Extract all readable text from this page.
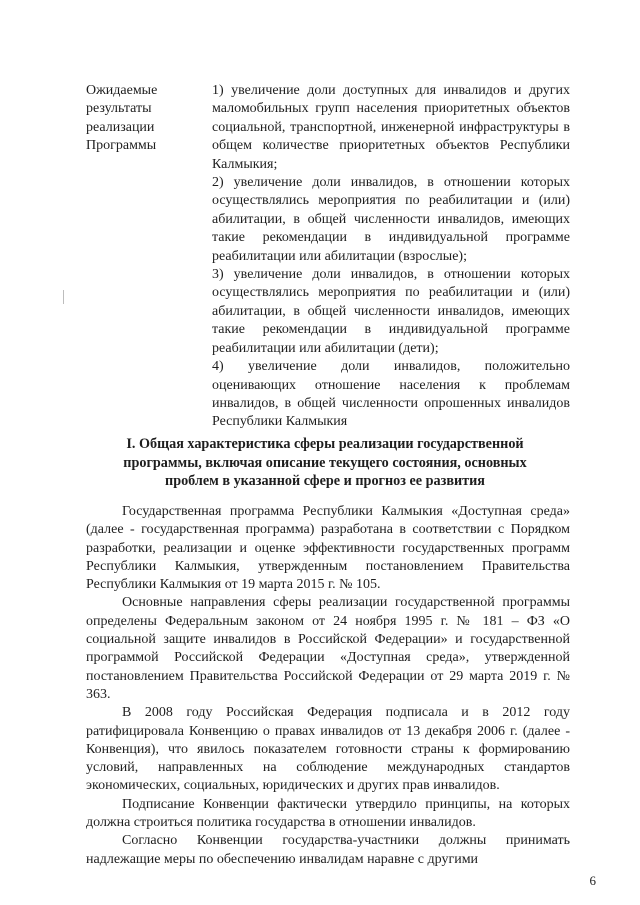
Ожидаемые
результаты
реализации
Программы
1) увеличение доли доступных для инвалидов и других маломобильных групп населения приоритетных объектов социальной, транспортной, инженерной инфраструктуры в общем количестве приоритетных объектов Республики Калмыкия;
2) увеличение доли инвалидов, в отношении которых осуществлялись мероприятия по реабилитации и (или) абилитации, в общей численности инвалидов, имеющих такие рекомендации в индивидуальной программе реабилитации или абилитации (взрослые);
3) увеличение доли инвалидов, в отношении которых осуществлялись мероприятия по реабилитации и (или) абилитации, в общей численности инвалидов, имеющих такие рекомендации в индивидуальной программе реабилитации или абилитации (дети);
4) увеличение доли инвалидов, положительно оценивающих отношение населения к проблемам инвалидов, в общей численности опрошенных инвалидов Республики Калмыкия
I. Общая характеристика сферы реализации государственной
программы, включая описание текущего состояния, основных
проблем в указанной сфере и прогноз ее развития

Государственная программа Республики Калмыкия «Доступная среда» (далее - государственная программа) разработана в соответствии с Порядком разработки, реализации и оценке эффективности государственных программ Республики Калмыкия, утвержденным постановлением Правительства Республики Калмыкия от 19 марта 2015 г. № 105.

Основные направления сферы реализации государственной программы определены Федеральным законом от 24 ноября 1995 г. № 181 – ФЗ «О социальной защите инвалидов в Российской Федерации» и государственной программой Российской Федерации «Доступная среда», утвержденной постановлением Правительства Российской Федерации от 29 марта 2019 г. № 363.

В 2008 году Российская Федерация подписала и в 2012 году ратифицировала Конвенцию о правах инвалидов от 13 декабря 2006 г. (далее - Конвенция), что явилось показателем готовности страны к формированию условий, направленных на соблюдение международных стандартов экономических, социальных, юридических и других прав инвалидов.

Подписание Конвенции фактически утвердило принципы, на которых должна строиться политика государства в отношении инвалидов.

Согласно Конвенции государства-участники должны принимать надлежащие меры по обеспечению инвалидам наравне с другими

6
